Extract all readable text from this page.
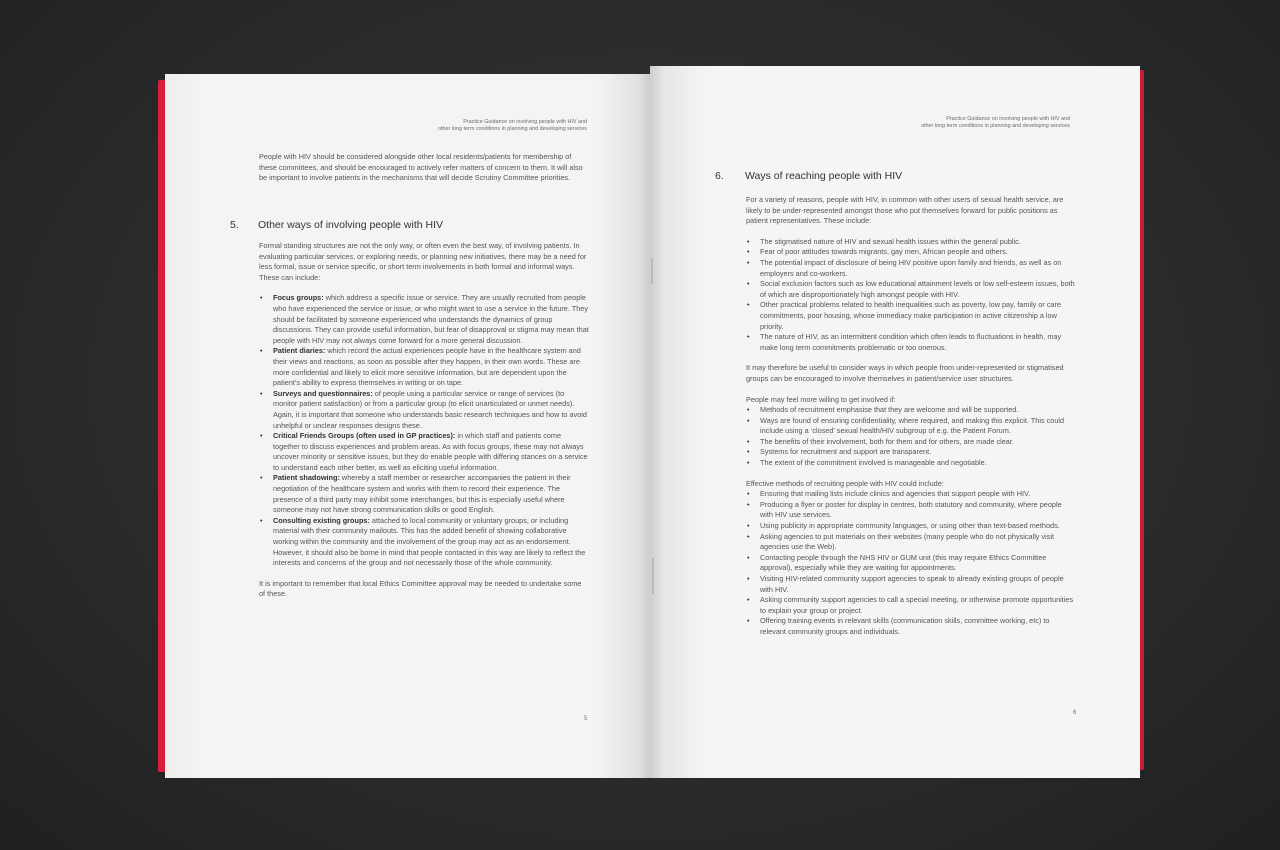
Practice Guidance on involving people with HIV and
other long term conditions in planning and developing services

People with HIV should be considered alongside other local residents/patients for membership of these committees, and should be encouraged to actively refer matters of concern to them. It will also be important to involve patients in the mechanisms that will decide Scrutiny Committee priorities.

5. Other ways of involving people with HIV

Formal standing structures are not the only way, or often even the best way, of involving patients. In evaluating particular services, or exploring needs, or planning new initiatives, there may be a need for less formal, issue or service specific, or short term involvements in both formal and informal ways. These can include:

• Focus groups: which address a specific issue or service. They are usually recruited from people who have experienced the service or issue, or who might want to use a service in the future. They should be facilitated by someone experienced who understands the dynamics of group discussions. They can provide useful information, but fear of disapproval or stigma may mean that people with HIV may not always come forward for a more general discussion.
• Patient diaries: which record the actual experiences people have in the healthcare system and their views and reactions, as soon as possible after they happen, in their own words. These are more confidential and likely to elicit more sensitive information, but are dependent upon the patient’s ability to express themselves in writing or on tape.
• Surveys and questionnaires: of people using a particular service or range of services (to monitor patient satisfaction) or from a particular group (to elicit unarticulated or unmet needs). Again, it is important that someone who understands basic research techniques and how to avoid unhelpful or unclear responses designs these.
• Critical Friends Groups (often used in GP practices): in which staff and patients come together to discuss experiences and problem areas. As with focus groups, these may not always uncover minority or sensitive issues, but they do enable people with differing stances on a service to understand each other better, as well as eliciting useful information.
• Patient shadowing: whereby a staff member or researcher accompanies the patient in their negotiation of the healthcare system and works with them to record their experience. The presence of a third party may inhibit some interchanges, but this is especially useful where someone may not have strong communication skills or good English.
• Consulting existing groups: attached to local community or voluntary groups, or including material with their community mailouts. This has the added benefit of showing collaborative working within the community and the involvement of the group may act as an endorsement. However, it should also be borne in mind that people contacted in this way are likely to reflect the interests and concerns of the group and not necessarily those of the whole community.

It is important to remember that local Ethics Committee approval may be needed to undertake some of these.

5
Practice Guidance on involving people with HIV and
other long term conditions in planning and developing services
6. Ways of reaching people with HIV

For a variety of reasons, people with HIV, in common with other users of sexual health service, are likely to be under-represented amongst those who put themselves forward for public positions as patient representatives. These include:

• The stigmatised nature of HIV and sexual health issues within the general public.
• Fear of poor attitudes towards migrants, gay men, African people and others.
• The potential impact of disclosure of being HIV positive upon family and friends, as well as on employers and co-workers.
• Social exclusion factors such as low educational attainment levels or low self-esteem issues, both of which are disproportionately high amongst people with HIV.
• Other practical problems related to health inequalities such as poverty, low pay, family or care commitments, poor housing, whose immediacy make participation in active citizenship a low priority.
• The nature of HIV, as an intermittent condition which often leads to fluctuations in health, may make long term commitments problematic or too onerous.

It may therefore be useful to consider ways in which people from under-represented or stigmatised groups can be encouraged to involve themselves in patient/service user structures.

People may feel more willing to get involved if:

• Methods of recruitment emphasise that they are welcome and will be supported.
• Ways are found of ensuring confidentiality, where required, and making this explicit. This could include using a ‘closed’ sexual health/HIV subgroup of e.g. the Patient Forum.
• The benefits of their involvement, both for them and for others, are made clear.
• Systems for recruitment and support are transparent.
• The extent of the commitment involved is manageable and negotiable.

Effective methods of recruiting people with HIV could include:

• Ensuring that mailing lists include clinics and agencies that support people with HIV.
• Producing a flyer or poster for display in centres, both statutory and community, where people with HIV use services.
• Using publicity in appropriate community languages, or using other than text-based methods.
• Asking agencies to put materials on their websites (many people who do not physically visit agencies use the Web).
• Contacting people through the NHS HIV or GUM unit (this may require Ethics Committee approval), especially while they are waiting for appointments.
• Visiting HIV-related community support agencies to speak to already existing groups of people with HIV.
• Asking community support agencies to call a special meeting, or otherwise promote opportunities to explain your group or project.
• Offering training events in relevant skills (communication skills, committee working, etc) to relevant community groups and individuals.
6
